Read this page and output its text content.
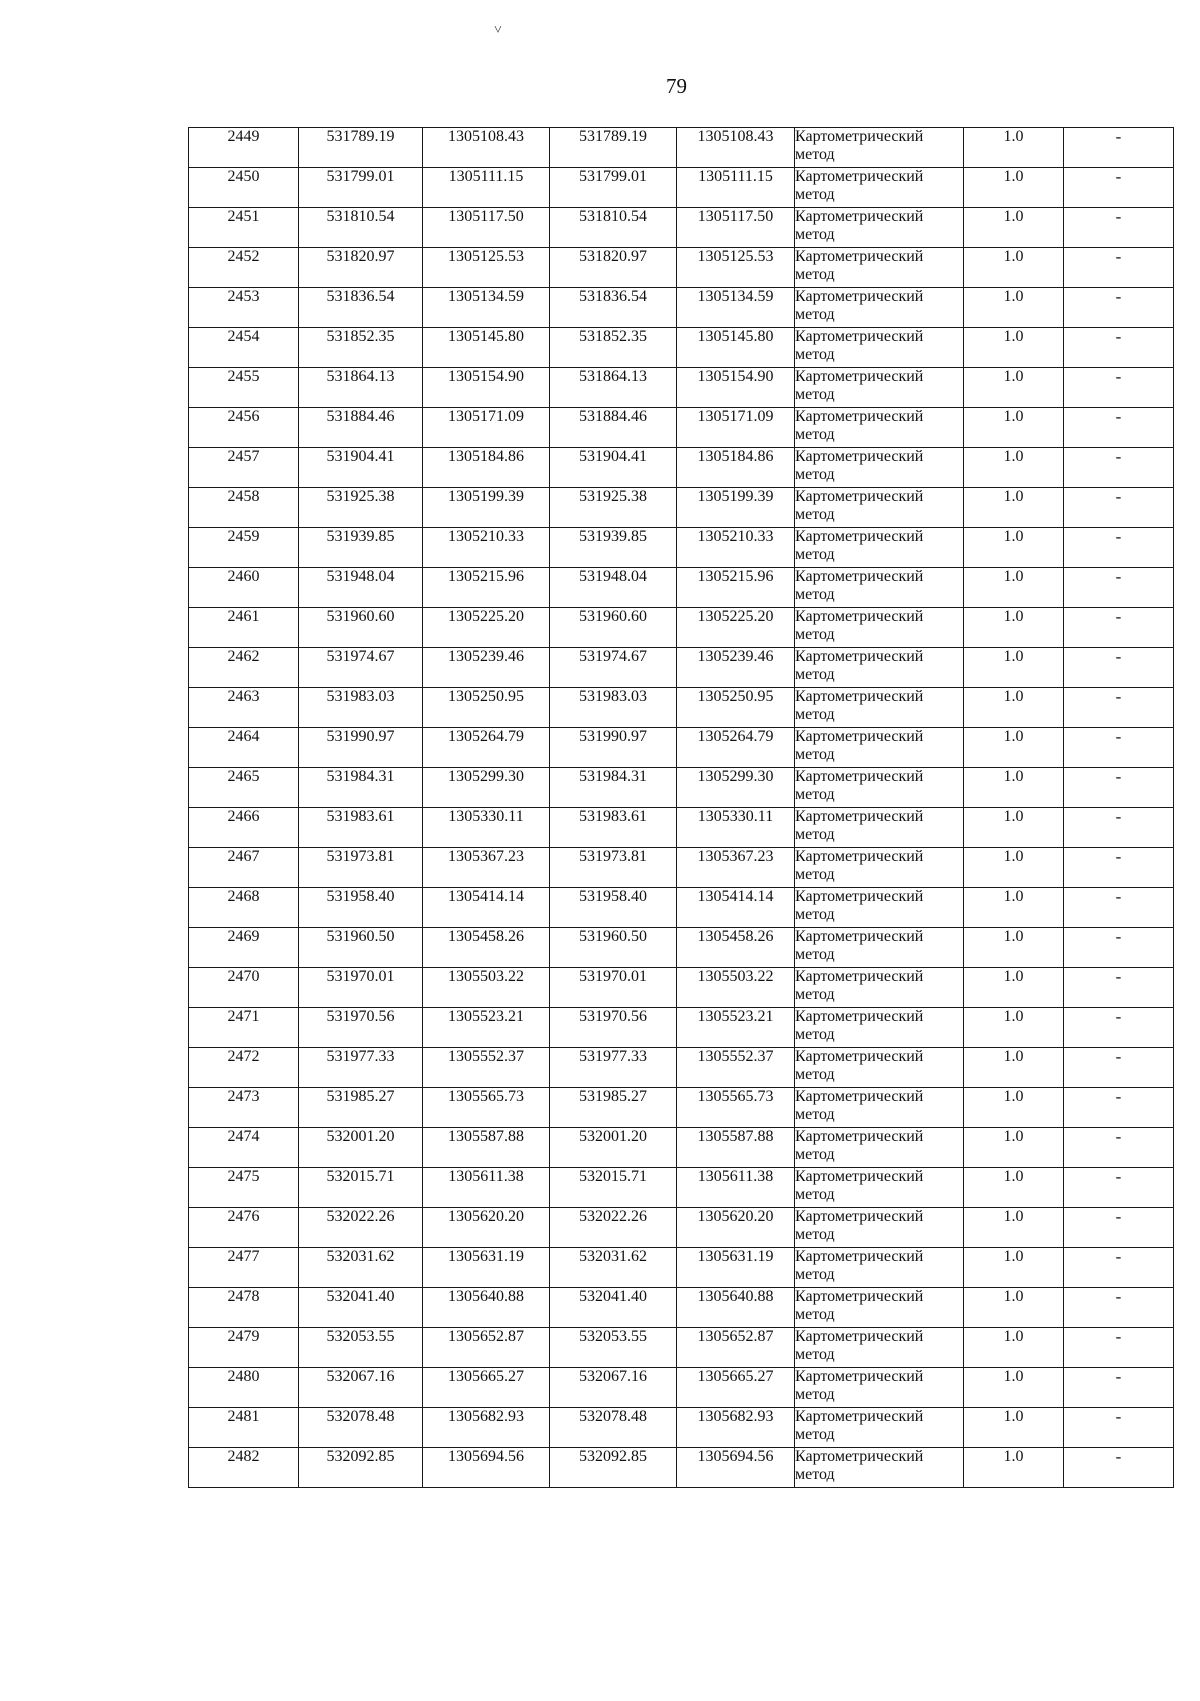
˅
79
2449	531789.19	1305108.43	531789.19	1305108.43	Картометрический
метод	1.0	-
2450	531799.01	1305111.15	531799.01	1305111.15	Картометрический
метод	1.0	-
2451	531810.54	1305117.50	531810.54	1305117.50	Картометрический
метод	1.0	-
2452	531820.97	1305125.53	531820.97	1305125.53	Картометрический
метод	1.0	-
2453	531836.54	1305134.59	531836.54	1305134.59	Картометрический
метод	1.0	-
2454	531852.35	1305145.80	531852.35	1305145.80	Картометрический
метод	1.0	-
2455	531864.13	1305154.90	531864.13	1305154.90	Картометрический
метод	1.0	-
2456	531884.46	1305171.09	531884.46	1305171.09	Картометрический
метод	1.0	-
2457	531904.41	1305184.86	531904.41	1305184.86	Картометрический
метод	1.0	-
2458	531925.38	1305199.39	531925.38	1305199.39	Картометрический
метод	1.0	-
2459	531939.85	1305210.33	531939.85	1305210.33	Картометрический
метод	1.0	-
2460	531948.04	1305215.96	531948.04	1305215.96	Картометрический
метод	1.0	-
2461	531960.60	1305225.20	531960.60	1305225.20	Картометрический
метод	1.0	-
2462	531974.67	1305239.46	531974.67	1305239.46	Картометрический
метод	1.0	-
2463	531983.03	1305250.95	531983.03	1305250.95	Картометрический
метод	1.0	-
2464	531990.97	1305264.79	531990.97	1305264.79	Картометрический
метод	1.0	-
2465	531984.31	1305299.30	531984.31	1305299.30	Картометрический
метод	1.0	-
2466	531983.61	1305330.11	531983.61	1305330.11	Картометрический
метод	1.0	-
2467	531973.81	1305367.23	531973.81	1305367.23	Картометрический
метод	1.0	-
2468	531958.40	1305414.14	531958.40	1305414.14	Картометрический
метод	1.0	-
2469	531960.50	1305458.26	531960.50	1305458.26	Картометрический
метод	1.0	-
2470	531970.01	1305503.22	531970.01	1305503.22	Картометрический
метод	1.0	-
2471	531970.56	1305523.21	531970.56	1305523.21	Картометрический
метод	1.0	-
2472	531977.33	1305552.37	531977.33	1305552.37	Картометрический
метод	1.0	-
2473	531985.27	1305565.73	531985.27	1305565.73	Картометрический
метод	1.0	-
2474	532001.20	1305587.88	532001.20	1305587.88	Картометрический
метод	1.0	-
2475	532015.71	1305611.38	532015.71	1305611.38	Картометрический
метод	1.0	-
2476	532022.26	1305620.20	532022.26	1305620.20	Картометрический
метод	1.0	-
2477	532031.62	1305631.19	532031.62	1305631.19	Картометрический
метод	1.0	-
2478	532041.40	1305640.88	532041.40	1305640.88	Картометрический
метод	1.0	-
2479	532053.55	1305652.87	532053.55	1305652.87	Картометрический
метод	1.0	-
2480	532067.16	1305665.27	532067.16	1305665.27	Картометрический
метод	1.0	-
2481	532078.48	1305682.93	532078.48	1305682.93	Картометрический
метод	1.0	-
2482	532092.85	1305694.56	532092.85	1305694.56	Картометрический
метод	1.0	-
